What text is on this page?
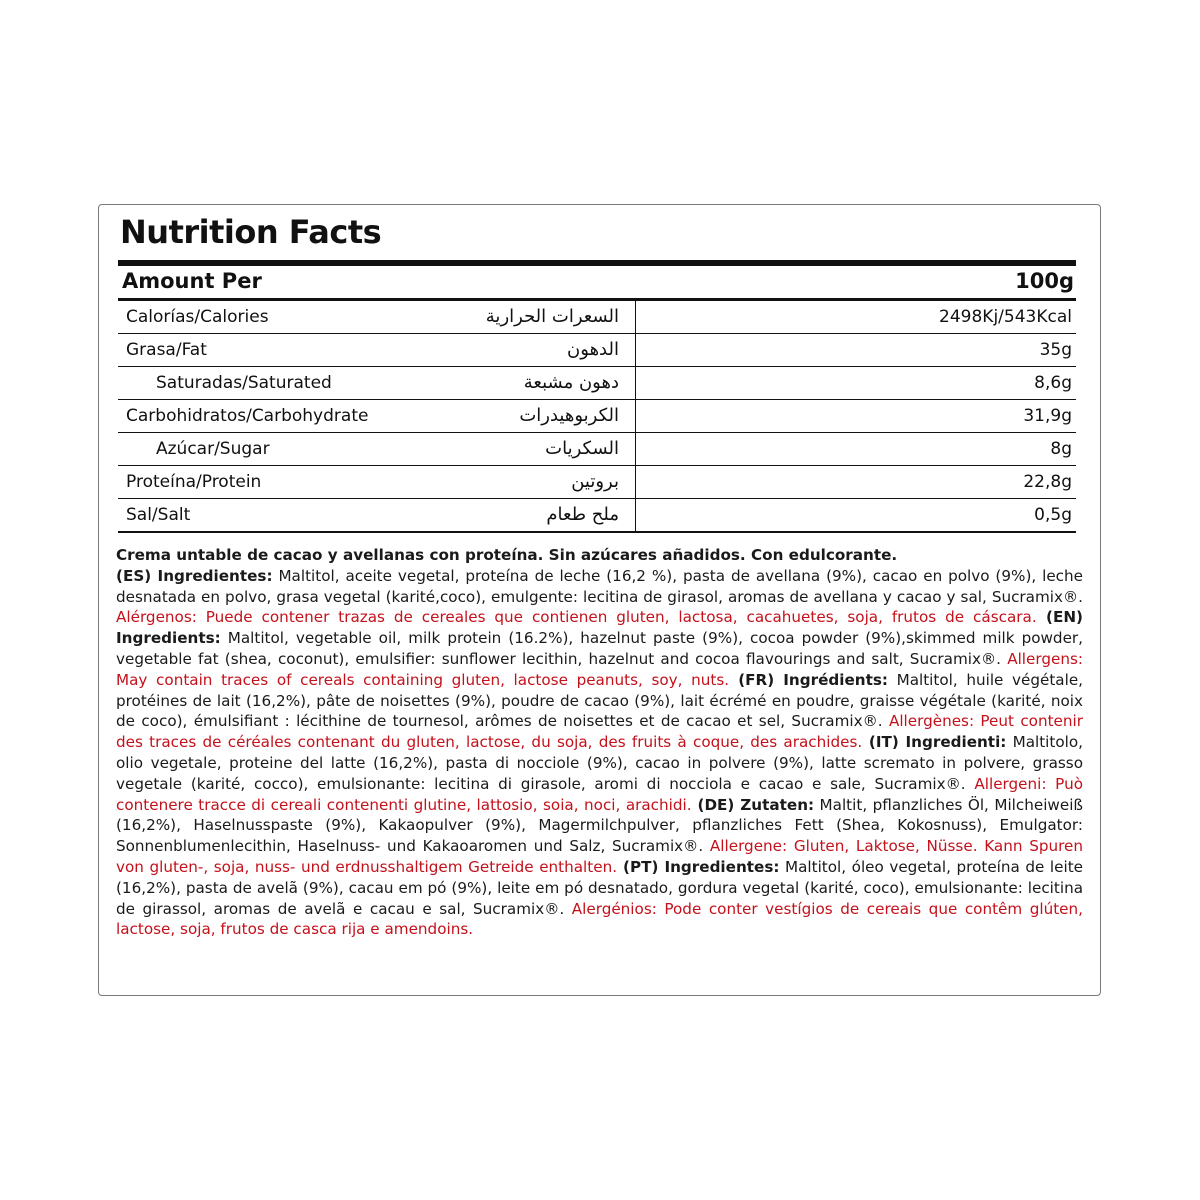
Nutrition Facts
Amount Per	100g
Calorías/Calories	السعرات الحرارية	2498Kj/543Kcal
Grasa/Fat	الدهون	35g
Saturadas/Saturated	دهون مشبعة	8,6g
Carbohidratos/Carbohydrate	الكربوهيدرات	31,9g
Azúcar/Sugar	السكريات	8g
Proteína/Protein	بروتين	22,8g
Sal/Salt	ملح طعام	0,5g
Crema untable de cacao y avellanas con proteína. Sin azúcares añadidos. Con edulcorante.
(ES) Ingredientes: Maltitol, aceite vegetal, proteína de leche (16,2 %), pasta de avellana (9%), cacao en polvo (9%), leche desnatada en polvo, grasa vegetal (karité,coco), emulgente: lecitina de girasol, aromas de avellana y cacao y sal, Sucramix®. Alérgenos: Puede contener trazas de cereales que contienen gluten, lactosa, cacahuetes, soja, frutos de cáscara. (EN) Ingredients: Maltitol, vegetable oil, milk protein (16.2%), hazelnut paste (9%), cocoa powder (9%),skimmed milk powder, vegetable fat (shea, coconut), emulsifier: sunflower lecithin, hazelnut and cocoa flavourings and salt, Sucramix®. Allergens: May contain traces of cereals containing gluten, lactose peanuts, soy, nuts. (FR) Ingrédients: Maltitol, huile végétale, protéines de lait (16,2%), pâte de noisettes (9%), poudre de cacao (9%), lait écrémé en poudre, graisse végétale (karité, noix de coco), émulsifiant : lécithine de tournesol, arômes de noisettes et de cacao et sel, Sucramix®. Allergènes: Peut contenir des traces de céréales contenant du gluten, lactose, du soja, des fruits à coque, des arachides. (IT) Ingredienti: Maltitolo, olio vegetale, proteine del latte (16,2%), pasta di nocciole (9%), cacao in polvere (9%), latte scremato in polvere, grasso vegetale (karité, cocco), emulsionante: lecitina di girasole, aromi di nocciola e cacao e sale, Sucramix®. Allergeni: Può contenere tracce di cereali contenenti glutine, lattosio, soia, noci, arachidi. (DE) Zutaten: Maltit, pflanzliches Öl, Milcheiweiß (16,2%), Haselnusspaste (9%), Kakaopulver (9%), Magermilchpulver, pflanzliches Fett (Shea, Kokosnuss), Emulgator: Sonnenblumenlecithin, Haselnuss- und Kakaoaromen und Salz, Sucramix®. Allergene: Gluten, Laktose, Nüsse. Kann Spuren von gluten-, soja, nuss- und erdnusshaltigem Getreide enthalten. (PT) Ingredientes: Maltitol, óleo vegetal, proteína de leite (16,2%), pasta de avelã (9%), cacau em pó (9%), leite em pó desnatado, gordura vegetal (karité, coco), emulsionante: lecitina de girassol, aromas de avelã e cacau e sal, Sucramix®. Alergénios: Pode conter vestígios de cereais que contêm glúten, lactose, soja, frutos de casca rija e amendoins.
